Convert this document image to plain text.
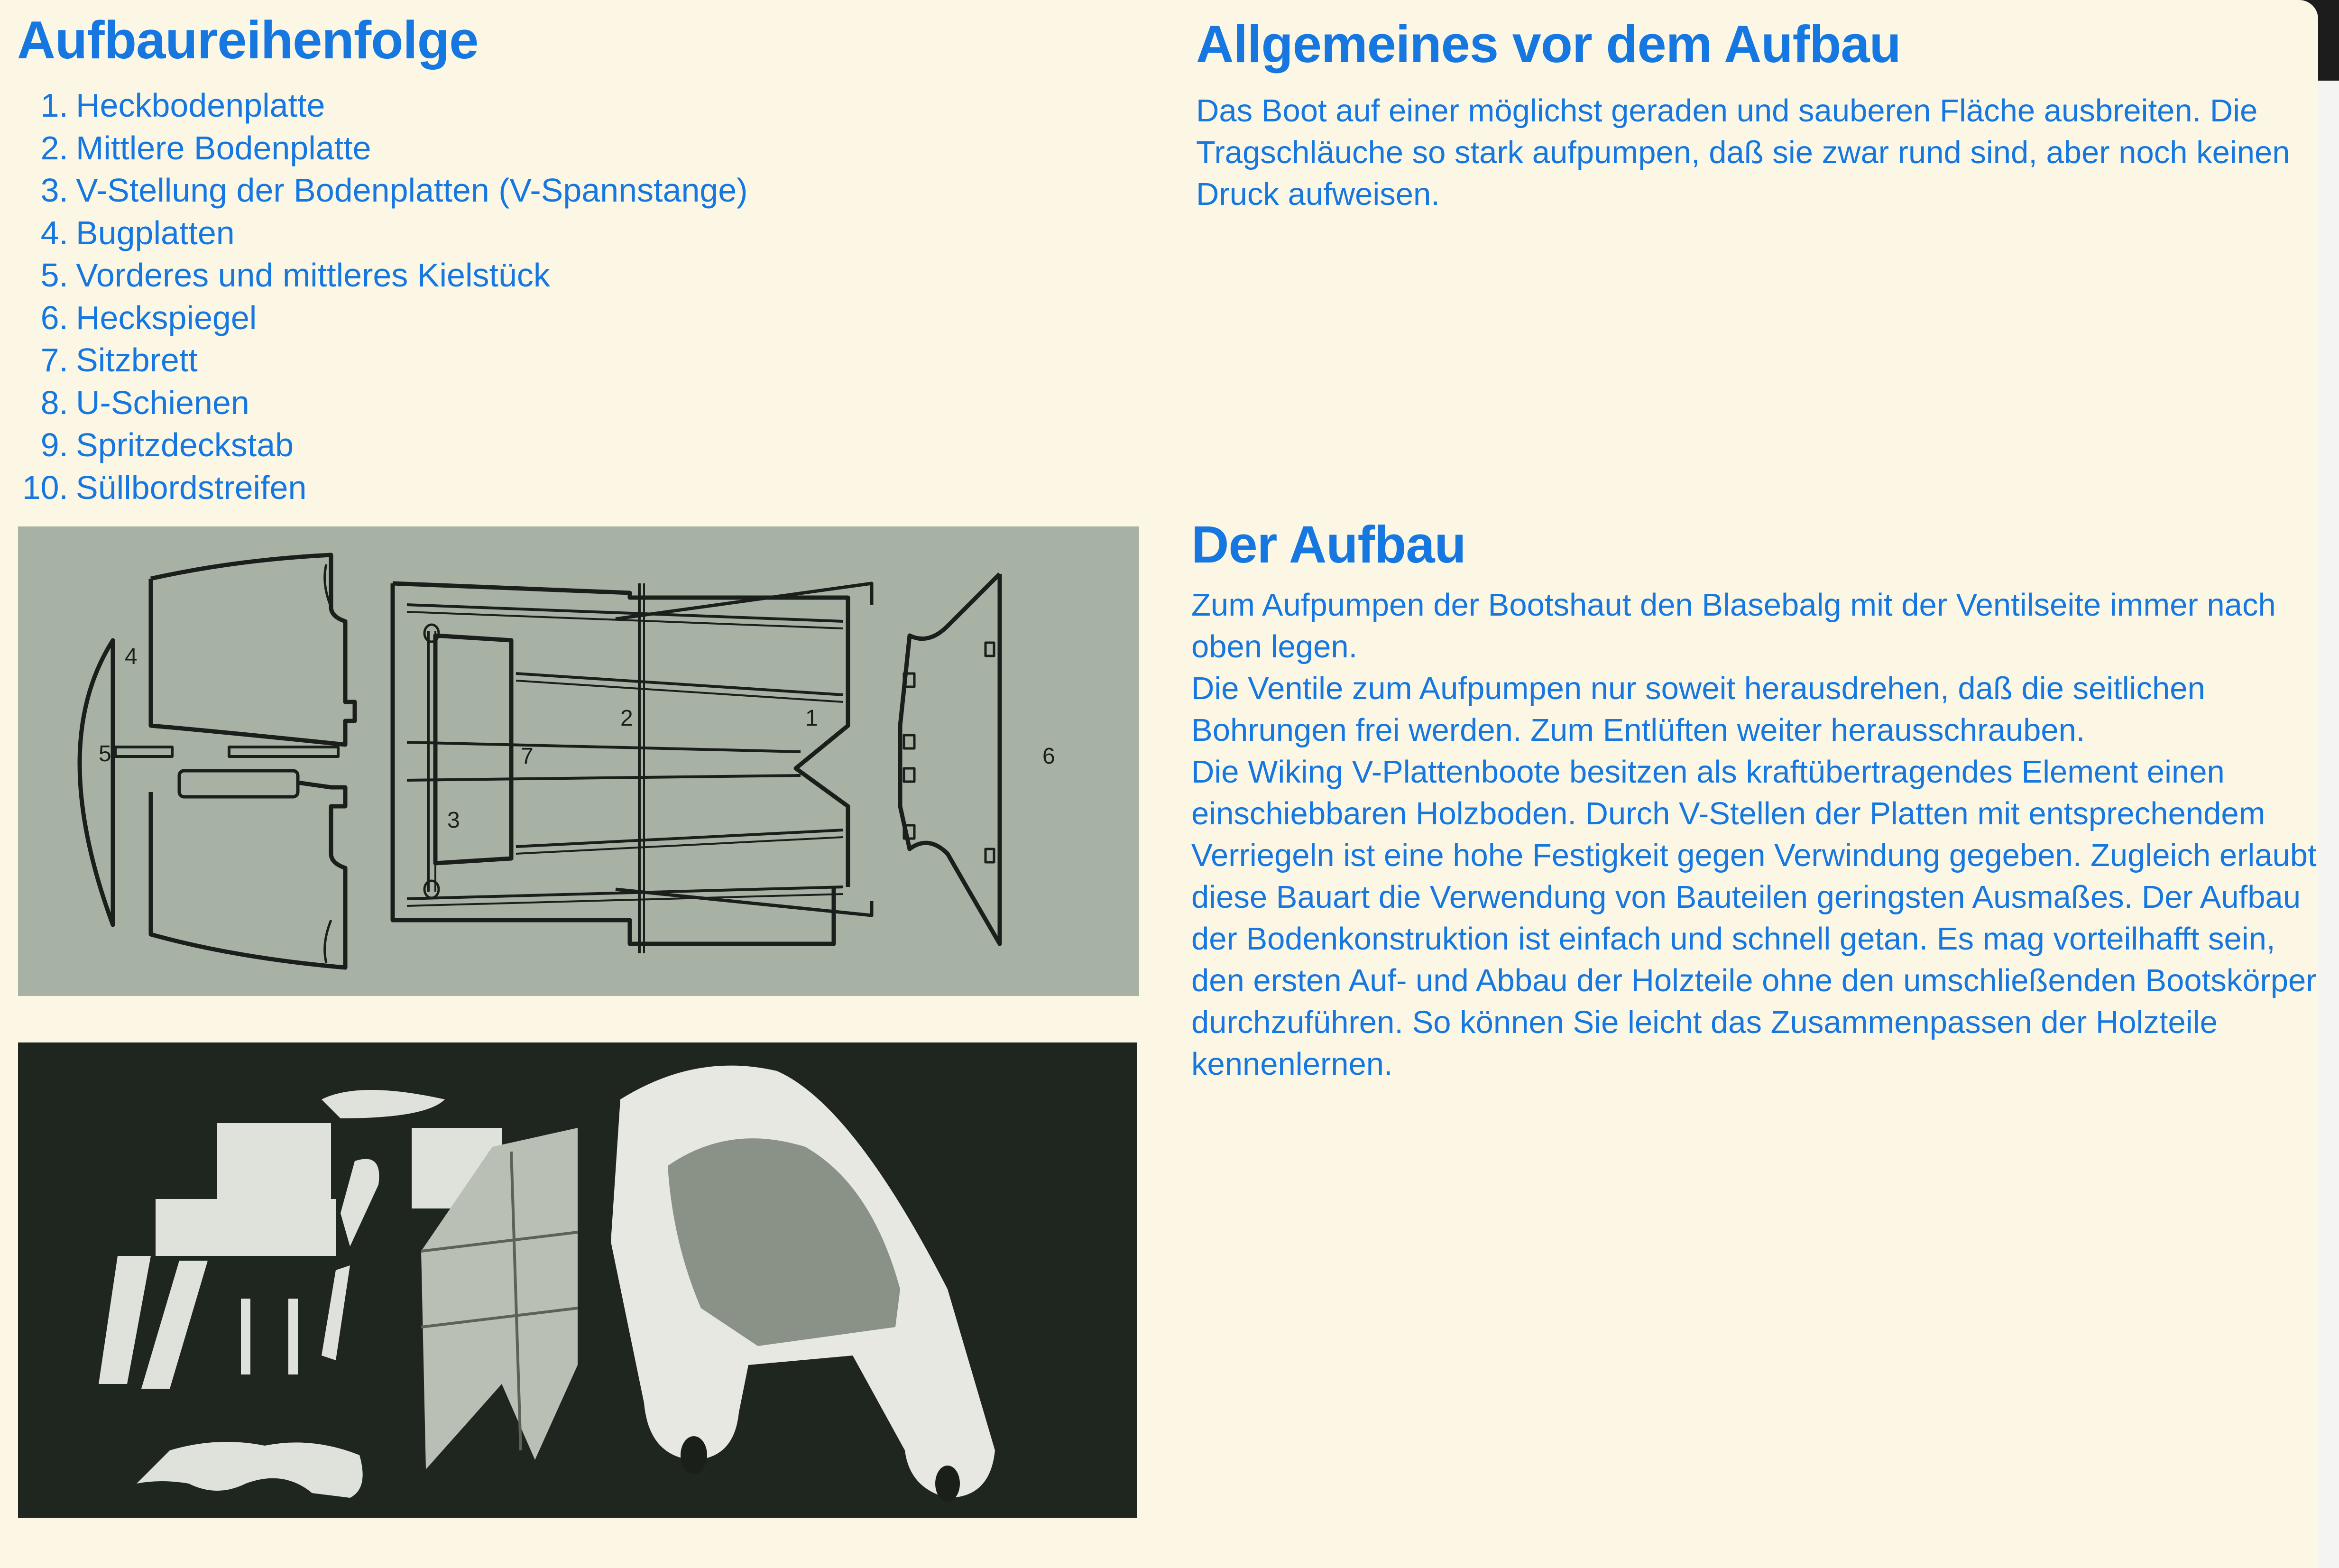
Aufbaureihenfolge
1. Heckbodenplatte
2. Mittlere Bodenplatte
3. V-Stellung der Bodenplatten (V-Spannstange)
4. Bugplatten
5. Vorderes und mittleres Kielstück
6. Heckspiegel
7. Sitzbrett
8. U-Schienen
9. Spritzdeckstab
10. Süllbordstreifen
4
5
2	1
7
3
6
Allgemeines vor dem Aufbau
Das Boot auf einer möglichst geraden und sauberen Fläche ausbreiten. Die Tragschläuche so stark aufpumpen, daß sie zwar rund sind, aber noch keinen Druck aufweisen.
Der Aufbau

Zum Aufpumpen der Bootshaut den Blasebalg mit der Ventilseite immer nach oben legen.

Die Ventile zum Aufpumpen nur soweit herausdrehen, daß die seitlichen Bohrungen frei werden. Zum Entlüften weiter herausschrauben.

Die Wiking V-Plattenboote besitzen als kraftübertragendes Element einen einschiebbaren Holzboden. Durch V-Stellen der Platten mit entsprechendem Verriegeln ist eine hohe Festigkeit gegen Verwindung gegeben. Zugleich erlaubt diese Bauart die Verwendung von Bauteilen geringsten Ausmaßes. Der Aufbau der Bodenkonstruktion ist einfach und schnell getan. Es mag vorteilhafft sein, den ersten Auf- und Abbau der Holzteile ohne den umschließenden Bootskörper durchzuführen. So können Sie leicht das Zusammenpassen der Holzteile kennenlernen.
